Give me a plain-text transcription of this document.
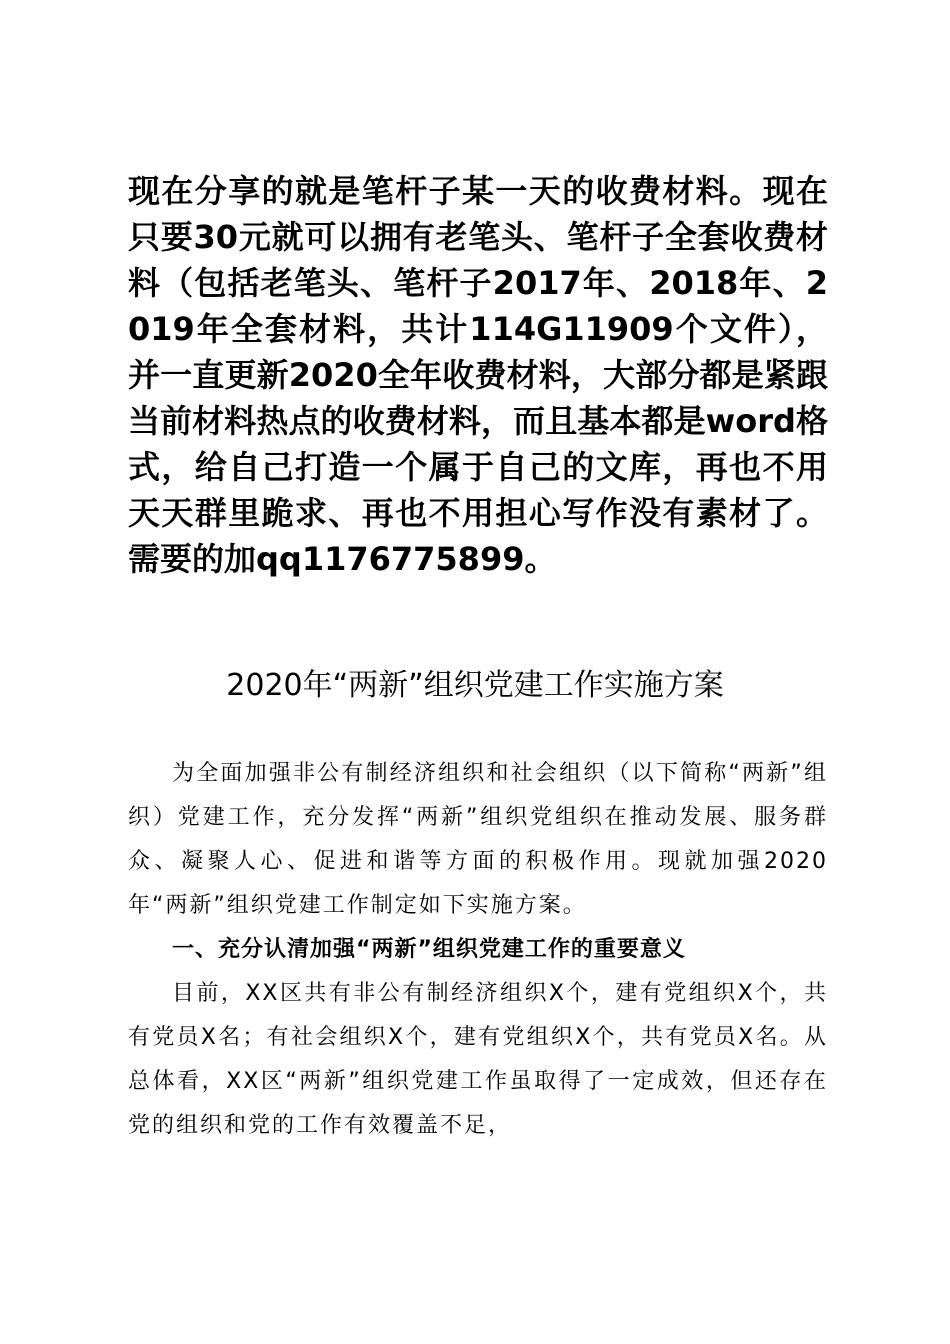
现在分享的就是笔杆子某一天的收费材料。现在只要30元就可以拥有老笔头、笔杆子全套收费材料（包括老笔头、笔杆子2017年、2018年、2019年全套材料，共计114G11909个文件），并一直更新2020全年收费材料，大部分都是紧跟当前材料热点的收费材料，而且基本都是word格式，给自己打造一个属于自己的文库，再也不用天天群里跪求、再也不用担心写作没有素材了。需要的加qq1176775899。
2020年“两新”组织党建工作实施方案

为全面加强非公有制经济组织和社会组织（以下简称“两新”组织）党建工作，充分发挥“两新”组织党组织在推动发展、服务群众、凝聚人心、促进和谐等方面的积极作用。现就加强2020年“两新”组织党建工作制定如下实施方案。

一、充分认清加强“两新”组织党建工作的重要意义

目前，XX区共有非公有制经济组织X个，建有党组织X个，共有党员X名；有社会组织X个，建有党组织X个，共有党员X名。从总体看，XX区“两新”组织党建工作虽取得了一定成效，但还存在党的组织和党的工作有效覆盖不足，
